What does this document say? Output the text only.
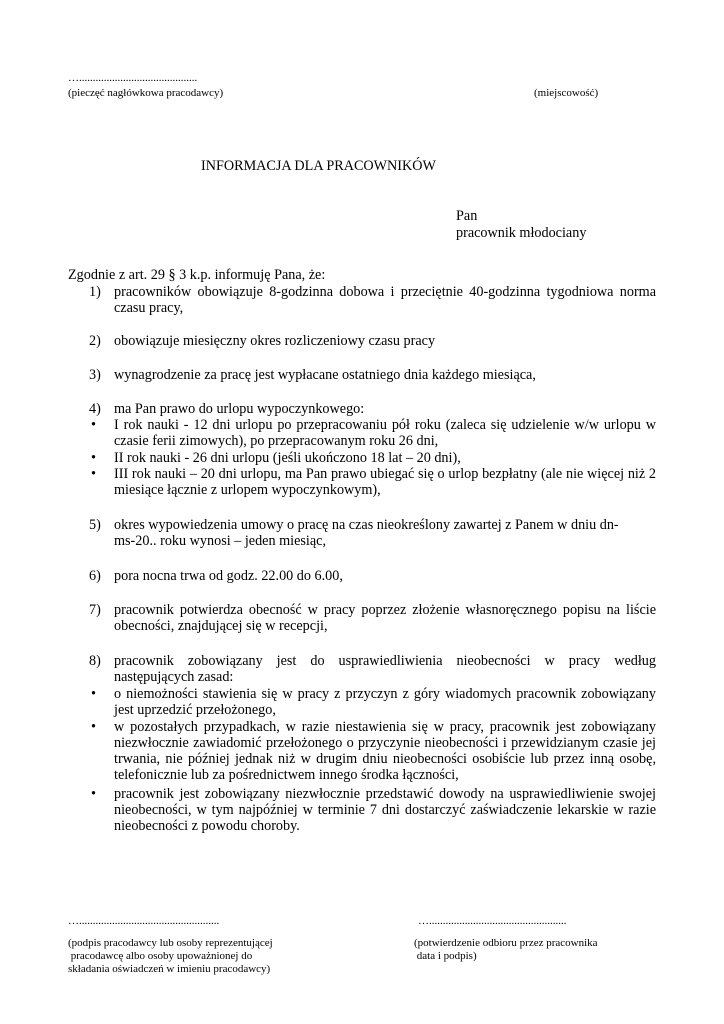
…...........................................
(pieczęć nagłówkowa pracodawcy)	(miejscowość)
INFORMACJA DLA PRACOWNIKÓW
Pan
pracownik młodociany
Zgodnie z art. 29 § 3 k.p. informuję Pana, że:
1) pracowników obowiązuje 8-godzinna dobowa i przeciętnie 40-godzinna tygodniowa norma czasu pracy,
2) obowiązuje miesięczny okres rozliczeniowy czasu pracy
3) wynagrodzenie za pracę jest wypłacane ostatniego dnia każdego miesiąca,
4) ma Pan prawo do urlopu wypoczynkowego:
•	I rok nauki - 12 dni urlopu po przepracowaniu pół roku (zaleca się udzielenie w/w urlopu w czasie ferii zimowych), po przepracowanym roku 26 dni,
•	II rok nauki - 26 dni urlopu (jeśli ukończono 18 lat – 20 dni),
•	III rok nauki – 20 dni urlopu, ma Pan prawo ubiegać się o urlop bezpłatny (ale nie więcej niż 2 miesiące łącznie z urlopem wypoczynkowym),
5) okres wypowiedzenia umowy o pracę na czas nieokreślony zawartej z Panem w dniu dn-ms-20.. roku wynosi – jeden miesiąc,
6) pora nocna trwa od godz. 22.00 do 6.00,
7) pracownik potwierdza obecność w pracy poprzez złożenie własnoręcznego popisu na liście obecności, znajdującej się w recepcji,
8) pracownik zobowiązany jest do usprawiedliwienia nieobecności w pracy według następujących zasad:
•	o niemożności stawienia się w pracy z przyczyn z góry wiadomych pracownik zobowiązany jest uprzedzić przełożonego,
•	w pozostałych przypadkach, w razie niestawienia się w pracy, pracownik jest zobowiązany niezwłocznie zawiadomić przełożonego o przyczynie nieobecności i przewidzianym czasie jej trwania, nie później jednak niż w drugim dniu nieobecności osobiście lub przez inną osobę, telefonicznie lub za pośrednictwem innego środka łączności,
•	pracownik jest zobowiązany niezwłocznie przedstawić dowody na usprawiedliwienie swojej nieobecności, w tym najpóźniej w terminie 7 dni dostarczyć zaświadczenie lekarskie w razie nieobecności z powodu choroby.
…...................................................	…..................................................
(podpis pracodawcy lub osoby reprezentującej
pracodawcę albo osoby upoważnionej do
składania oświadczeń w imieniu pracodawcy)
(potwierdzenie odbioru przez pracownika
data i podpis)
